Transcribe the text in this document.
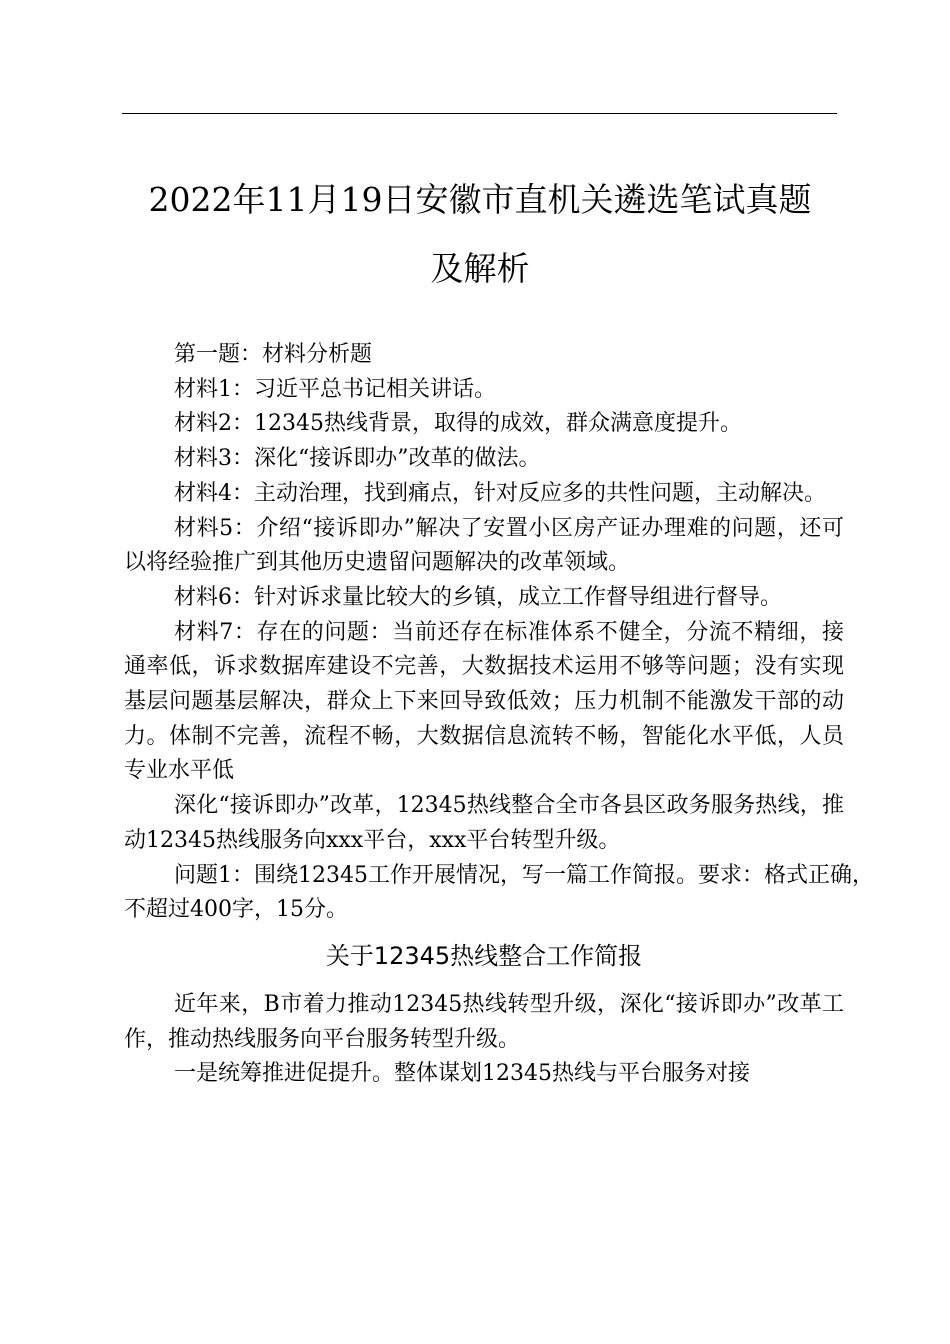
2022年11月19日安徽市直机关遴选笔试真题
及解析

第一题：材料分析题

材料1：习近平总书记相关讲话。

材料2：12345热线背景，取得的成效，群众满意度提升。

材料3：深化“接诉即办”改革的做法。

材料4：主动治理，找到痛点，针对反应多的共性问题，主动解决。

材料5：介绍“接诉即办”解决了安置小区房产证办理难的问题，还可以将经验推广到其他历史遗留问题解决的改革领域。

材料6：针对诉求量比较大的乡镇，成立工作督导组进行督导。

材料7：存在的问题：当前还存在标准体系不健全，分流不精细，接通率低，诉求数据库建设不完善，大数据技术运用不够等问题；没有实现基层问题基层解决，群众上下来回导致低效；压力机制不能激发干部的动力。体制不完善，流程不畅，大数据信息流转不畅，智能化水平低，人员专业水平低

深化“接诉即办”改革，12345热线整合全市各县区政务服务热线，推动12345热线服务向xxx平台，xxx平台转型升级。

问题1：围绕12345工作开展情况，写一篇工作简报。要求：格式正确，不超过400字，15分。

关于12345热线整合工作简报

近年来，B市着力推动12345热线转型升级，深化“接诉即办”改革工作，推动热线服务向平台服务转型升级。

一是统筹推进促提升。整体谋划12345热线与平台服务对接
